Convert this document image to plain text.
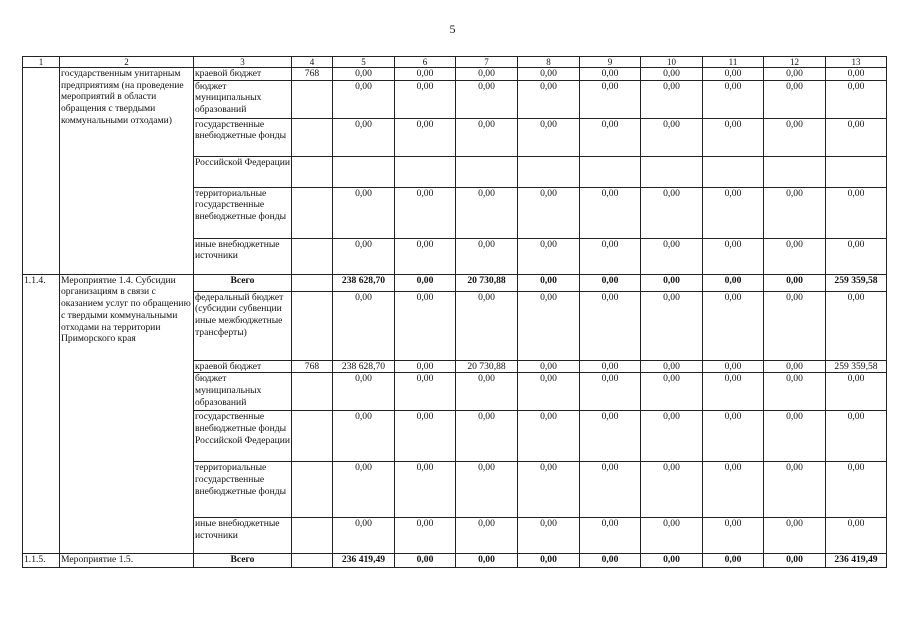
5
1	2	3	4	5	6	7	8	9	10	11	12	13
	государственным унитарным предприятиям (на проведение мероприятий в области обращения с твердыми коммунальными отходами)	краевой бюджет	768	0,00	0,00	0,00	0,00	0,00	0,00	0,00	0,00	0,00
		бюджет муниципальных образований		0,00	0,00	0,00	0,00	0,00	0,00	0,00	0,00	0,00
		государственные внебюджетные фонды		0,00	0,00	0,00	0,00	0,00	0,00	0,00	0,00	0,00
		Российской Федерации										
		территориальные государственные внебюджетные фонды		0,00	0,00	0,00	0,00	0,00	0,00	0,00	0,00	0,00
		иные внебюджетные источники		0,00	0,00	0,00	0,00	0,00	0,00	0,00	0,00	0,00
1.1.4.	Мероприятие 1.4. Субсидии организациям в связи с оказанием услуг по обращению с твердыми коммунальными отходами на территории Приморского края	Всего		238 628,70	0,00	20 730,88	0,00	0,00	0,00	0,00	0,00	259 359,58
		федеральный бюджет (субсидии субвенции иные межбюджетные трансферты)		0,00	0,00	0,00	0,00	0,00	0,00	0,00	0,00	0,00
		краевой бюджет	768	238 628,70	0,00	20 730,88	0,00	0,00	0,00	0,00	0,00	259 359,58
		бюджет муниципальных образований		0,00	0,00	0,00	0,00	0,00	0,00	0,00	0,00	0,00
		государственные внебюджетные фонды Российской Федерации		0,00	0,00	0,00	0,00	0,00	0,00	0,00	0,00	0,00
		территориальные государственные внебюджетные фонды		0,00	0,00	0,00	0,00	0,00	0,00	0,00	0,00	0,00
		иные внебюджетные источники		0,00	0,00	0,00	0,00	0,00	0,00	0,00	0,00	0,00
1.1.5.	Мероприятие 1.5.	Всего		236 419,49	0,00	0,00	0,00	0,00	0,00	0,00	0,00	236 419,49
